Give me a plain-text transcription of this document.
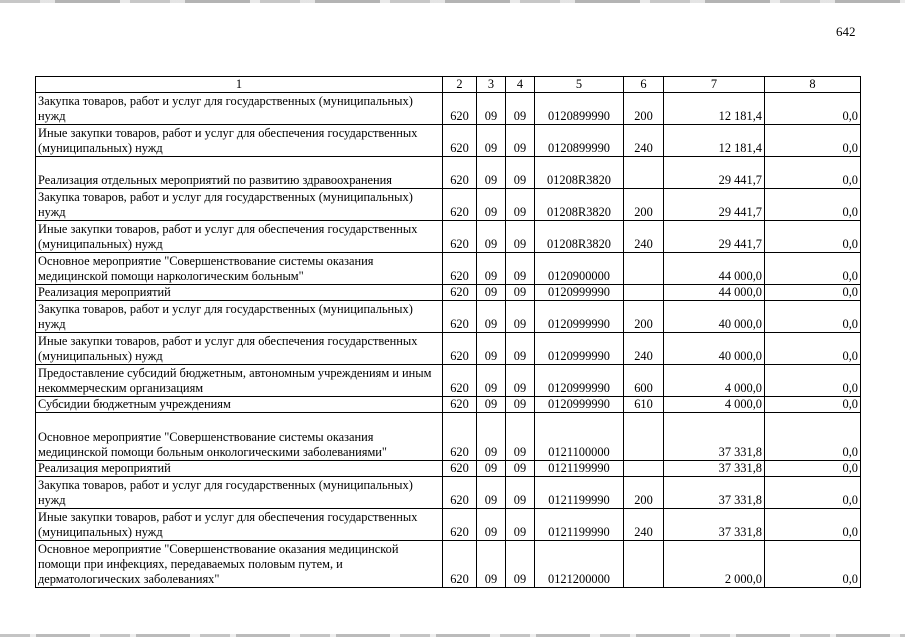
642
1	2	3	4	5	6	7	8
Закупка товаров, работ и услуг для государственных (муниципальных) нужд	620	09	09	0120899990	200	12 181,4	0,0
Иные закупки товаров, работ и услуг для обеспечения государственных (муниципальных) нужд	620	09	09	0120899990	240	12 181,4	0,0
Реализация отдельных мероприятий по развитию здравоохранения	620	09	09	01208R3820		29 441,7	0,0
Закупка товаров, работ и услуг для государственных (муниципальных) нужд	620	09	09	01208R3820	200	29 441,7	0,0
Иные закупки товаров, работ и услуг для обеспечения государственных (муниципальных) нужд	620	09	09	01208R3820	240	29 441,7	0,0
Основное мероприятие "Совершенствование системы оказания медицинской помощи наркологическим больным"	620	09	09	0120900000		44 000,0	0,0
Реализация мероприятий	620	09	09	0120999990		44 000,0	0,0
Закупка товаров, работ и услуг для государственных (муниципальных) нужд	620	09	09	0120999990	200	40 000,0	0,0
Иные закупки товаров, работ и услуг для обеспечения государственных (муниципальных) нужд	620	09	09	0120999990	240	40 000,0	0,0
Предоставление субсидий бюджетным, автономным учреждениям и иным некоммерческим организациям	620	09	09	0120999990	600	4 000,0	0,0
Субсидии бюджетным учреждениям	620	09	09	0120999990	610	4 000,0	0,0
Основное мероприятие "Совершенствование системы оказания медицинской помощи больным онкологическими заболеваниями"	620	09	09	0121100000		37 331,8	0,0
Реализация мероприятий	620	09	09	0121199990		37 331,8	0,0
Закупка товаров, работ и услуг для государственных (муниципальных) нужд	620	09	09	0121199990	200	37 331,8	0,0
Иные закупки товаров, работ и услуг для обеспечения государственных (муниципальных) нужд	620	09	09	0121199990	240	37 331,8	0,0
Основное мероприятие "Совершенствование оказания медицинской помощи при инфекциях, передаваемых половым путем, и дерматологических заболеваниях"	620	09	09	0121200000		2 000,0	0,0
